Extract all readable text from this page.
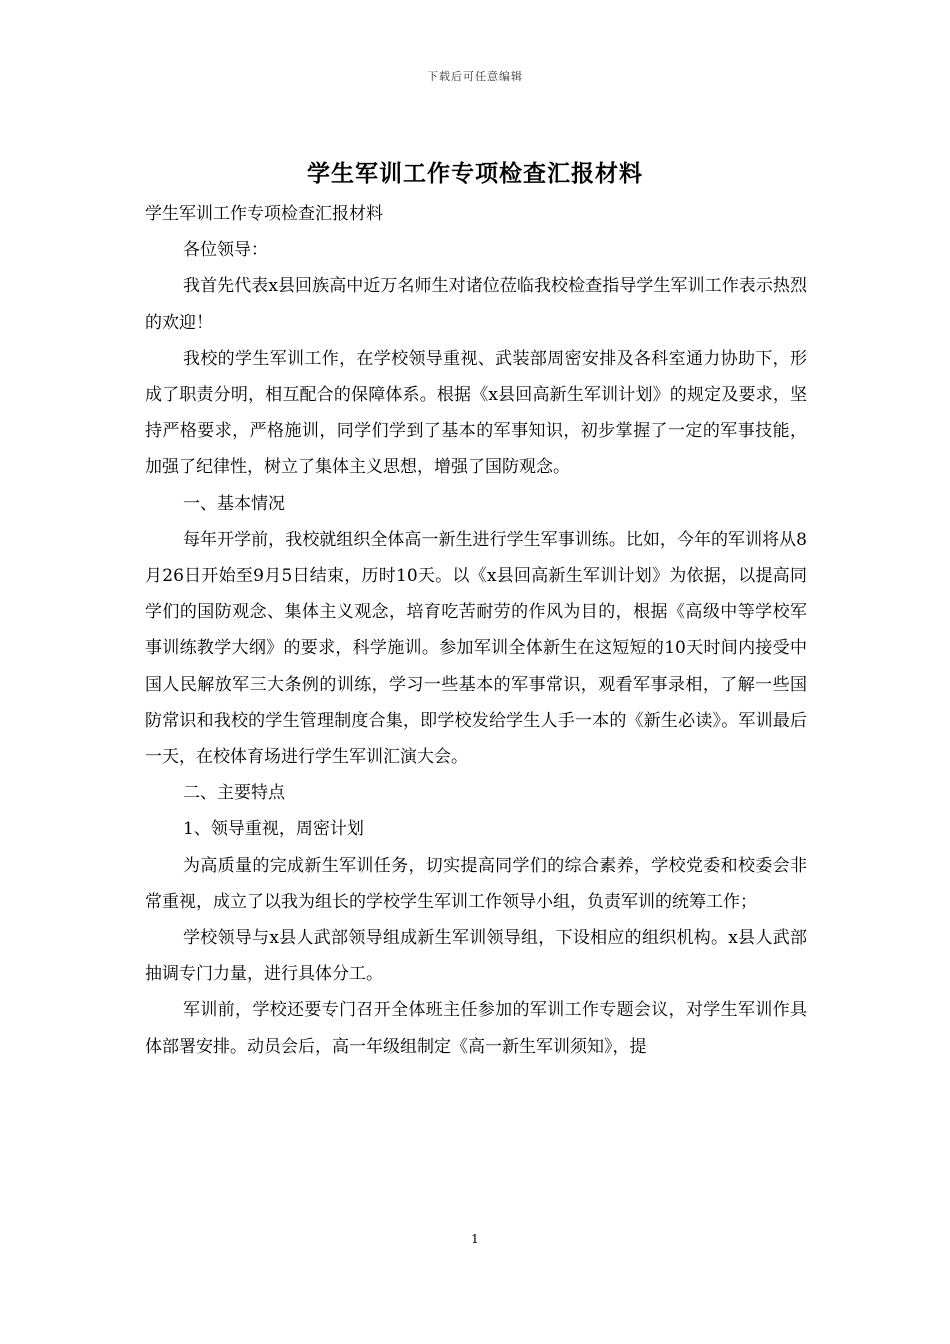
下载后可任意编辑
学生军训工作专项检查汇报材料

学生军训工作专项检查汇报材料

各位领导：

我首先代表x县回族高中近万名师生对诸位莅临我校检查指导学生军训工作表示热烈的欢迎！

我校的学生军训工作，在学校领导重视、武装部周密安排及各科室通力协助下，形成了职责分明，相互配合的保障体系。根据《x县回高新生军训计划》的规定及要求，坚持严格要求，严格施训，同学们学到了基本的军事知识，初步掌握了一定的军事技能，加强了纪律性，树立了集体主义思想，增强了国防观念。

一、基本情况

每年开学前，我校就组织全体高一新生进行学生军事训练。比如，今年的军训将从8月26日开始至9月5日结束，历时10天。以《x县回高新生军训计划》为依据，以提高同学们的国防观念、集体主义观念，培育吃苦耐劳的作风为目的，根据《高级中等学校军事训练教学大纲》的要求，科学施训。参加军训全体新生在这短短的10天时间内接受中国人民解放军三大条例的训练，学习一些基本的军事常识，观看军事录相，了解一些国防常识和我校的学生管理制度合集，即学校发给学生人手一本的《新生必读》。军训最后一天，在校体育场进行学生军训汇演大会。

二、主要特点

1、领导重视，周密计划

为高质量的完成新生军训任务，切实提高同学们的综合素养，学校党委和校委会非常重视，成立了以我为组长的学校学生军训工作领导小组，负责军训的统筹工作；

学校领导与x县人武部领导组成新生军训领导组，下设相应的组织机构。x县人武部抽调专门力量，进行具体分工。

军训前，学校还要专门召开全体班主任参加的军训工作专题会议，对学生军训作具体部署安排。动员会后，高一年级组制定《高一新生军训须知》，提

1
